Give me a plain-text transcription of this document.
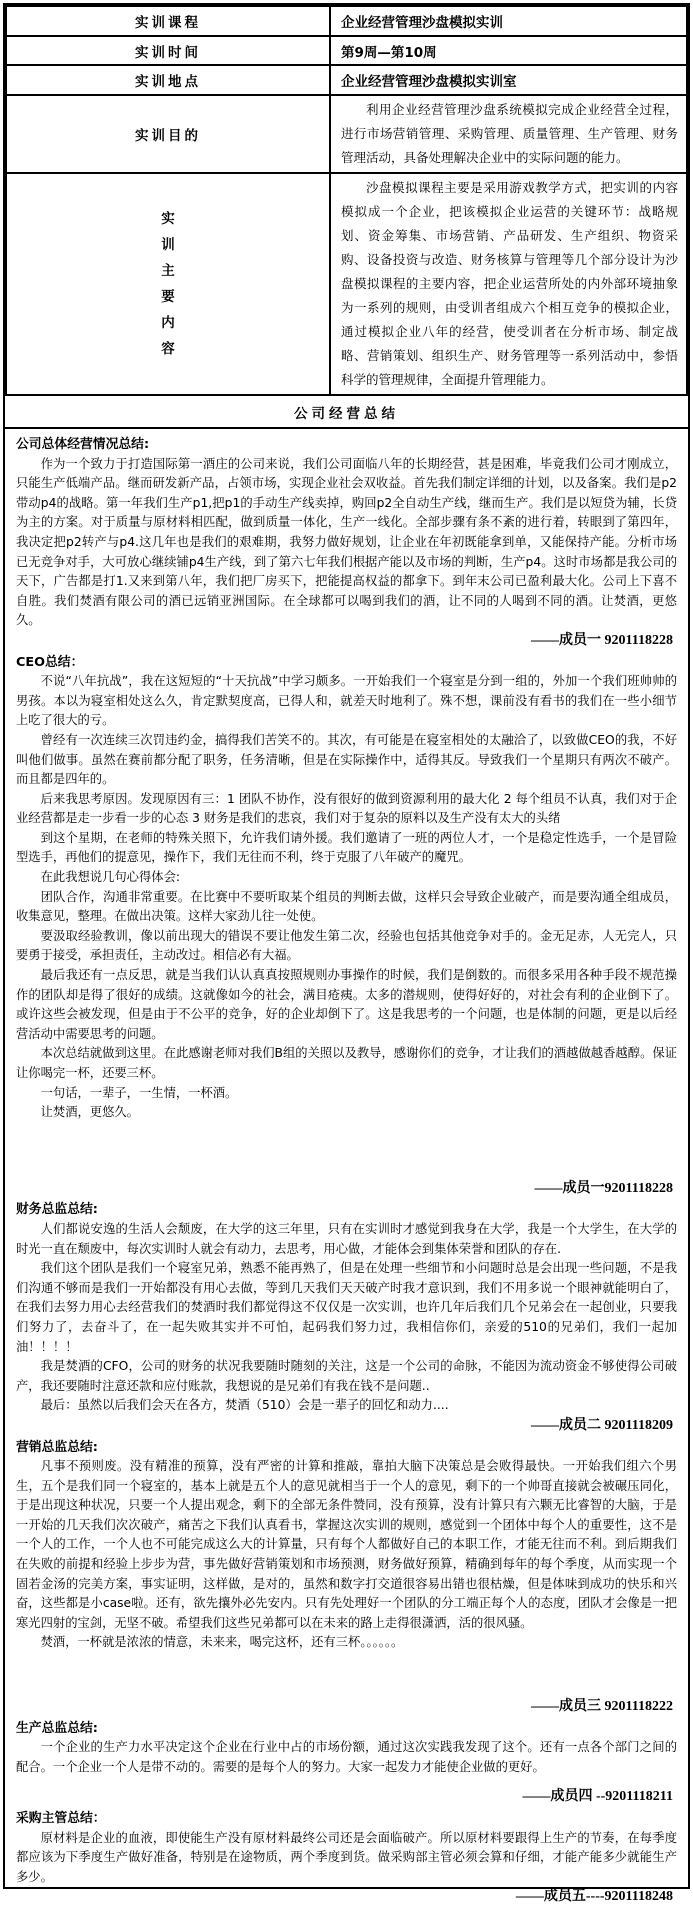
实训课程	企业经营管理沙盘模拟实训
实训时间	第9周—第10周
实训地点	企业经营管理沙盘模拟实训室
实训目的	利用企业经营管理沙盘系统模拟完成企业经营全过程，进行市场营销管理、采购管理、质量管理、生产管理、财务管理活动，具备处理解决企业中的实际问题的能力。
实训主要内容	沙盘模拟课程主要是采用游戏教学方式，把实训的内容模拟成一个企业，把该模拟企业运营的关键环节：战略规划、资金筹集、市场营销、产品研发、生产组织、物资采购、设备投资与改造、财务核算与管理等几个部分设计为沙盘模拟课程的主要内容，把企业运营所处的内外部环境抽象为一系列的规则，由受训者组成六个相互竞争的模拟企业，通过模拟企业八年的经营，使受训者在分析市场、制定战略、营销策划、组织生产、财务管理等一系列活动中，参悟科学的管理规律，全面提升管理能力。
公司经营总结
公司总体经营情况总结:

作为一个致力于打造国际第一酒庄的公司来说，我们公司面临八年的长期经营，甚是困难，毕竟我们公司才刚成立，只能生产低端产品。继而研发新产品，占领市场，实现企业社会双收益。首先我们制定详细的计划，以及备案。我们是p2带动p4的战略。第一年我们生产p1,把p1的手动生产线卖掉，购回p2全自动生产线，继而生产。我们是以短贷为辅，长贷为主的方案。对于质量与原材料相匹配，做到质量一体化，生产一线化。全部步骤有条不紊的进行着，转眼到了第四年，我决定把p2转产与p4.这几年也是我们的艰难期，我努力做好规划，让企业在年初既能拿到单，又能保持产能。分析市场已无竞争对手，大可放心继续铺p4生产线，到了第六七年我们根据产能以及市场的判断，生产p4。这时市场都是我公司的天下，广告都是打1.又来到第八年，我们把厂房买下，把能提高权益的都拿下。到年末公司已盈利最大化。公司上下喜不自胜。我们焚酒有限公司的酒已远销亚洲国际。在全球都可以喝到我们的酒，让不同的人喝到不同的酒。让焚酒，更悠久。

——成员一 9201118228
CEO总结：

不说“八年抗战”，我在这短短的“十天抗战”中学习颇多。一开始我们一个寝室是分到一组的，外加一个我们班帅帅的男孩。本以为寝室相处这么久，肯定默契度高，已得人和，就差天时地利了。殊不想，课前没有看书的我们在一些小细节上吃了很大的亏。

曾经有一次连续三次罚违约金，搞得我们苦笑不的。其次，有可能是在寝室相处的太融洽了，以致做CEO的我，不好叫他们做事。虽然在赛前都分配了职务，任务清晰，但是在实际操作中，适得其反。导致我们一个星期只有两次不破产。而且都是四年的。

后来我思考原因。发现原因有三：1 团队不协作，没有很好的做到资源利用的最大化 2 每个组员不认真，我们对于企业经营都是走一步看一步的心态 3 财务是我们的悲哀，我们对于复杂的原料以及生产没有太大的头绪

到这个星期，在老师的特殊关照下，允许我们请外援。我们邀请了一班的两位人才，一个是稳定性选手，一个是冒险型选手，再他们的提意见，操作下，我们无往而不利，终于克服了八年破产的魔咒。

在此我想说几句心得体会:

团队合作，沟通非常重要。在比赛中不要听取某个组员的判断去做，这样只会导致企业破产，而是要沟通全组成员，收集意见，整理。在做出决策。这样大家劲儿往一处使。

要汲取经验教训，像以前出现大的错误不要让他发生第二次，经验也包括其他竞争对手的。金无足赤，人无完人，只要勇于接受，承担责任，主动改过。相信必有大福。

最后我还有一点反思，就是当我们认认真真按照规则办事操作的时候，我们是倒数的。而很多采用各种手段不规范操作的团队却是得了很好的成绩。这就像如今的社会，满目疮痍。太多的潜规则，使得好好的，对社会有利的企业倒下了。或许这些会被发现，但是由于不公平的竞争，好的企业却倒下了。这是我思考的一个问题，也是体制的问题，更是以后经营活动中需要思考的问题。

本次总结就做到这里。在此感谢老师对我们B组的关照以及教导，感谢你们的竞争，才让我们的酒越做越香越醇。保证让你喝完一杯，还要三杯。

一句话，一辈子，一生情，一杯酒。

让焚酒，更悠久。

——成员一9201118228
财务总监总结:

人们都说安逸的生活人会颓废，在大学的这三年里，只有在实训时才感觉到我身在大学，我是一个大学生，在大学的时光一直在颓废中，每次实训时人就会有动力，去思考，用心做，才能体会到集体荣誉和团队的存在.

我们这个团队是我们一个寝室兄弟，熟悉不能再熟了，但是在处理一些细节和小问题时总是会出现一些问题，不是我们沟通不够而是我们一开始都没有用心去做，等到几天我们天天破产时我才意识到，我们不用多说一个眼神就能明白了，在我们去努力用心去经营我们的焚酒时我们都觉得这不仅仅是一次实训，也许几年后我们几个兄弟会在一起创业，只要我们努力了，去奋斗了，在一起失败其实并不可怕，起码我们努力过，我相信你们，亲爱的510的兄弟们，我们一起加油！！！！

我是焚酒的CFO，公司的财务的状况我要随时随刻的关注，这是一个公司的命脉，不能因为流动资金不够使得公司破产，我还要随时注意还款和应付账款，我想说的是兄弟们有我在钱不是问题..

最后：虽然以后我们会天在各方，焚酒（510）会是一辈子的回忆和动力....

——成员二 9201118209
营销总监总结:

凡事不预则废。没有精准的预算，没有严密的计算和推敲，靠拍大脑下决策总是会败得最快。一开始我们组六个男生，五个是我们同一个寝室的，基本上就是五个人的意见就相当于一个人的意见，剩下的一个帅哥直接就会被碾压同化，于是出现这种状况，只要一个人提出观念，剩下的全部无条件赞同，没有预算，没有计算只有六颗无比睿智的大脑，于是一开始的几天我们次次破产，痛苦之下我们认真看书，掌握这次实训的规则，感觉到一个团体中每个人的重要性，这不是一个人的工作，一个人也不可能完成这么大的计算量，只有每个人都做好自己的本职工作，才能无往而不利。到后期我们在失败的前提和经验上步步为营，事先做好营销策划和市场预测，财务做好预算，精确到每年的每个季度，从而实现一个固若金汤的完美方案，事实证明，这样做，是对的，虽然和数字打交道很容易出错也很枯燥，但是体味到成功的快乐和兴奋，这些都是小case啦。还有，欲先攘外必先安内。只有先处理好一个团队的分工端正每个人的态度，团队才会像是一把寒光四射的宝剑，无坚不破。希望我们这些兄弟都可以在未来的路上走得很潇洒，活的很风骚。

焚酒，一杯就是浓浓的情意，未来来，喝完这杯，还有三杯。。。。。。

——成员三 9201118222
生产总监总结:

一个企业的生产力水平决定这个企业在行业中占的市场份额，通过这次实践我发现了这个。还有一点各个部门之间的配合。一个企业一个人是带不动的。需要的是每个人的努力。大家一起发力才能使企业做的更好。

——成员四 --9201118211
采购主管总结：

原材料是企业的血液，即使能生产没有原材料最终公司还是会面临破产。所以原材料要跟得上生产的节奏，在每季度都应该为下季度生产做好准备，特别是在途物质，两个季度到货。做采购部主管必须会算和仔细，才能产能多少就能生产多少。

——成员五----9201118248
